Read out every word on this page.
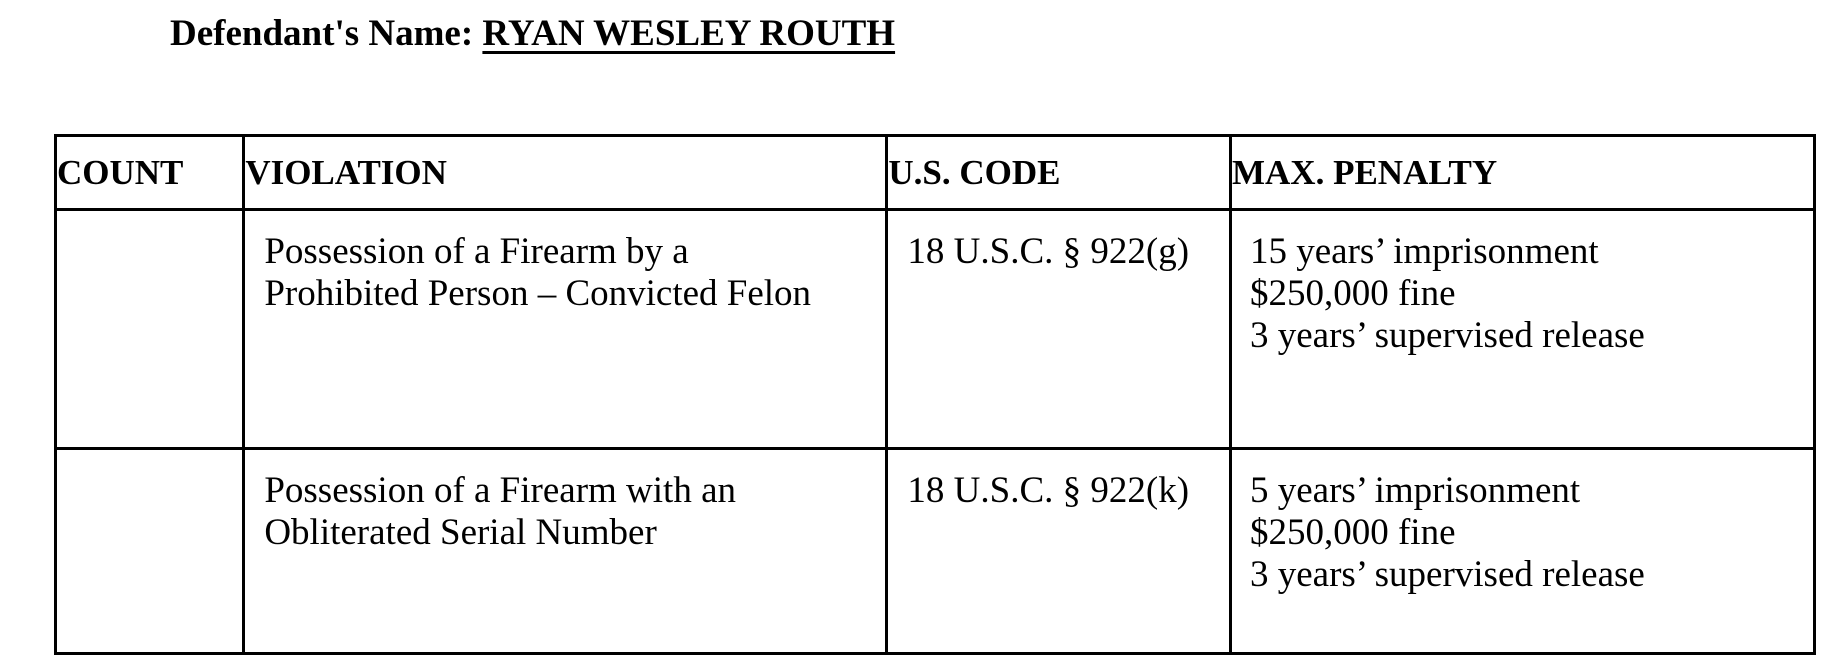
Defendant's Name: RYAN WESLEY ROUTH
COUNT	VIOLATION	U.S. CODE	MAX. PENALTY

	Possession of a Firearm by a
Prohibited Person – Convicted Felon	18 U.S.C. § 922(g)	15 years’ imprisonment
$250,000 fine
3 years’ supervised release

	Possession of a Firearm with an
Obliterated Serial Number	18 U.S.C. § 922(k)	5 years’ imprisonment
$250,000 fine
3 years’ supervised release
